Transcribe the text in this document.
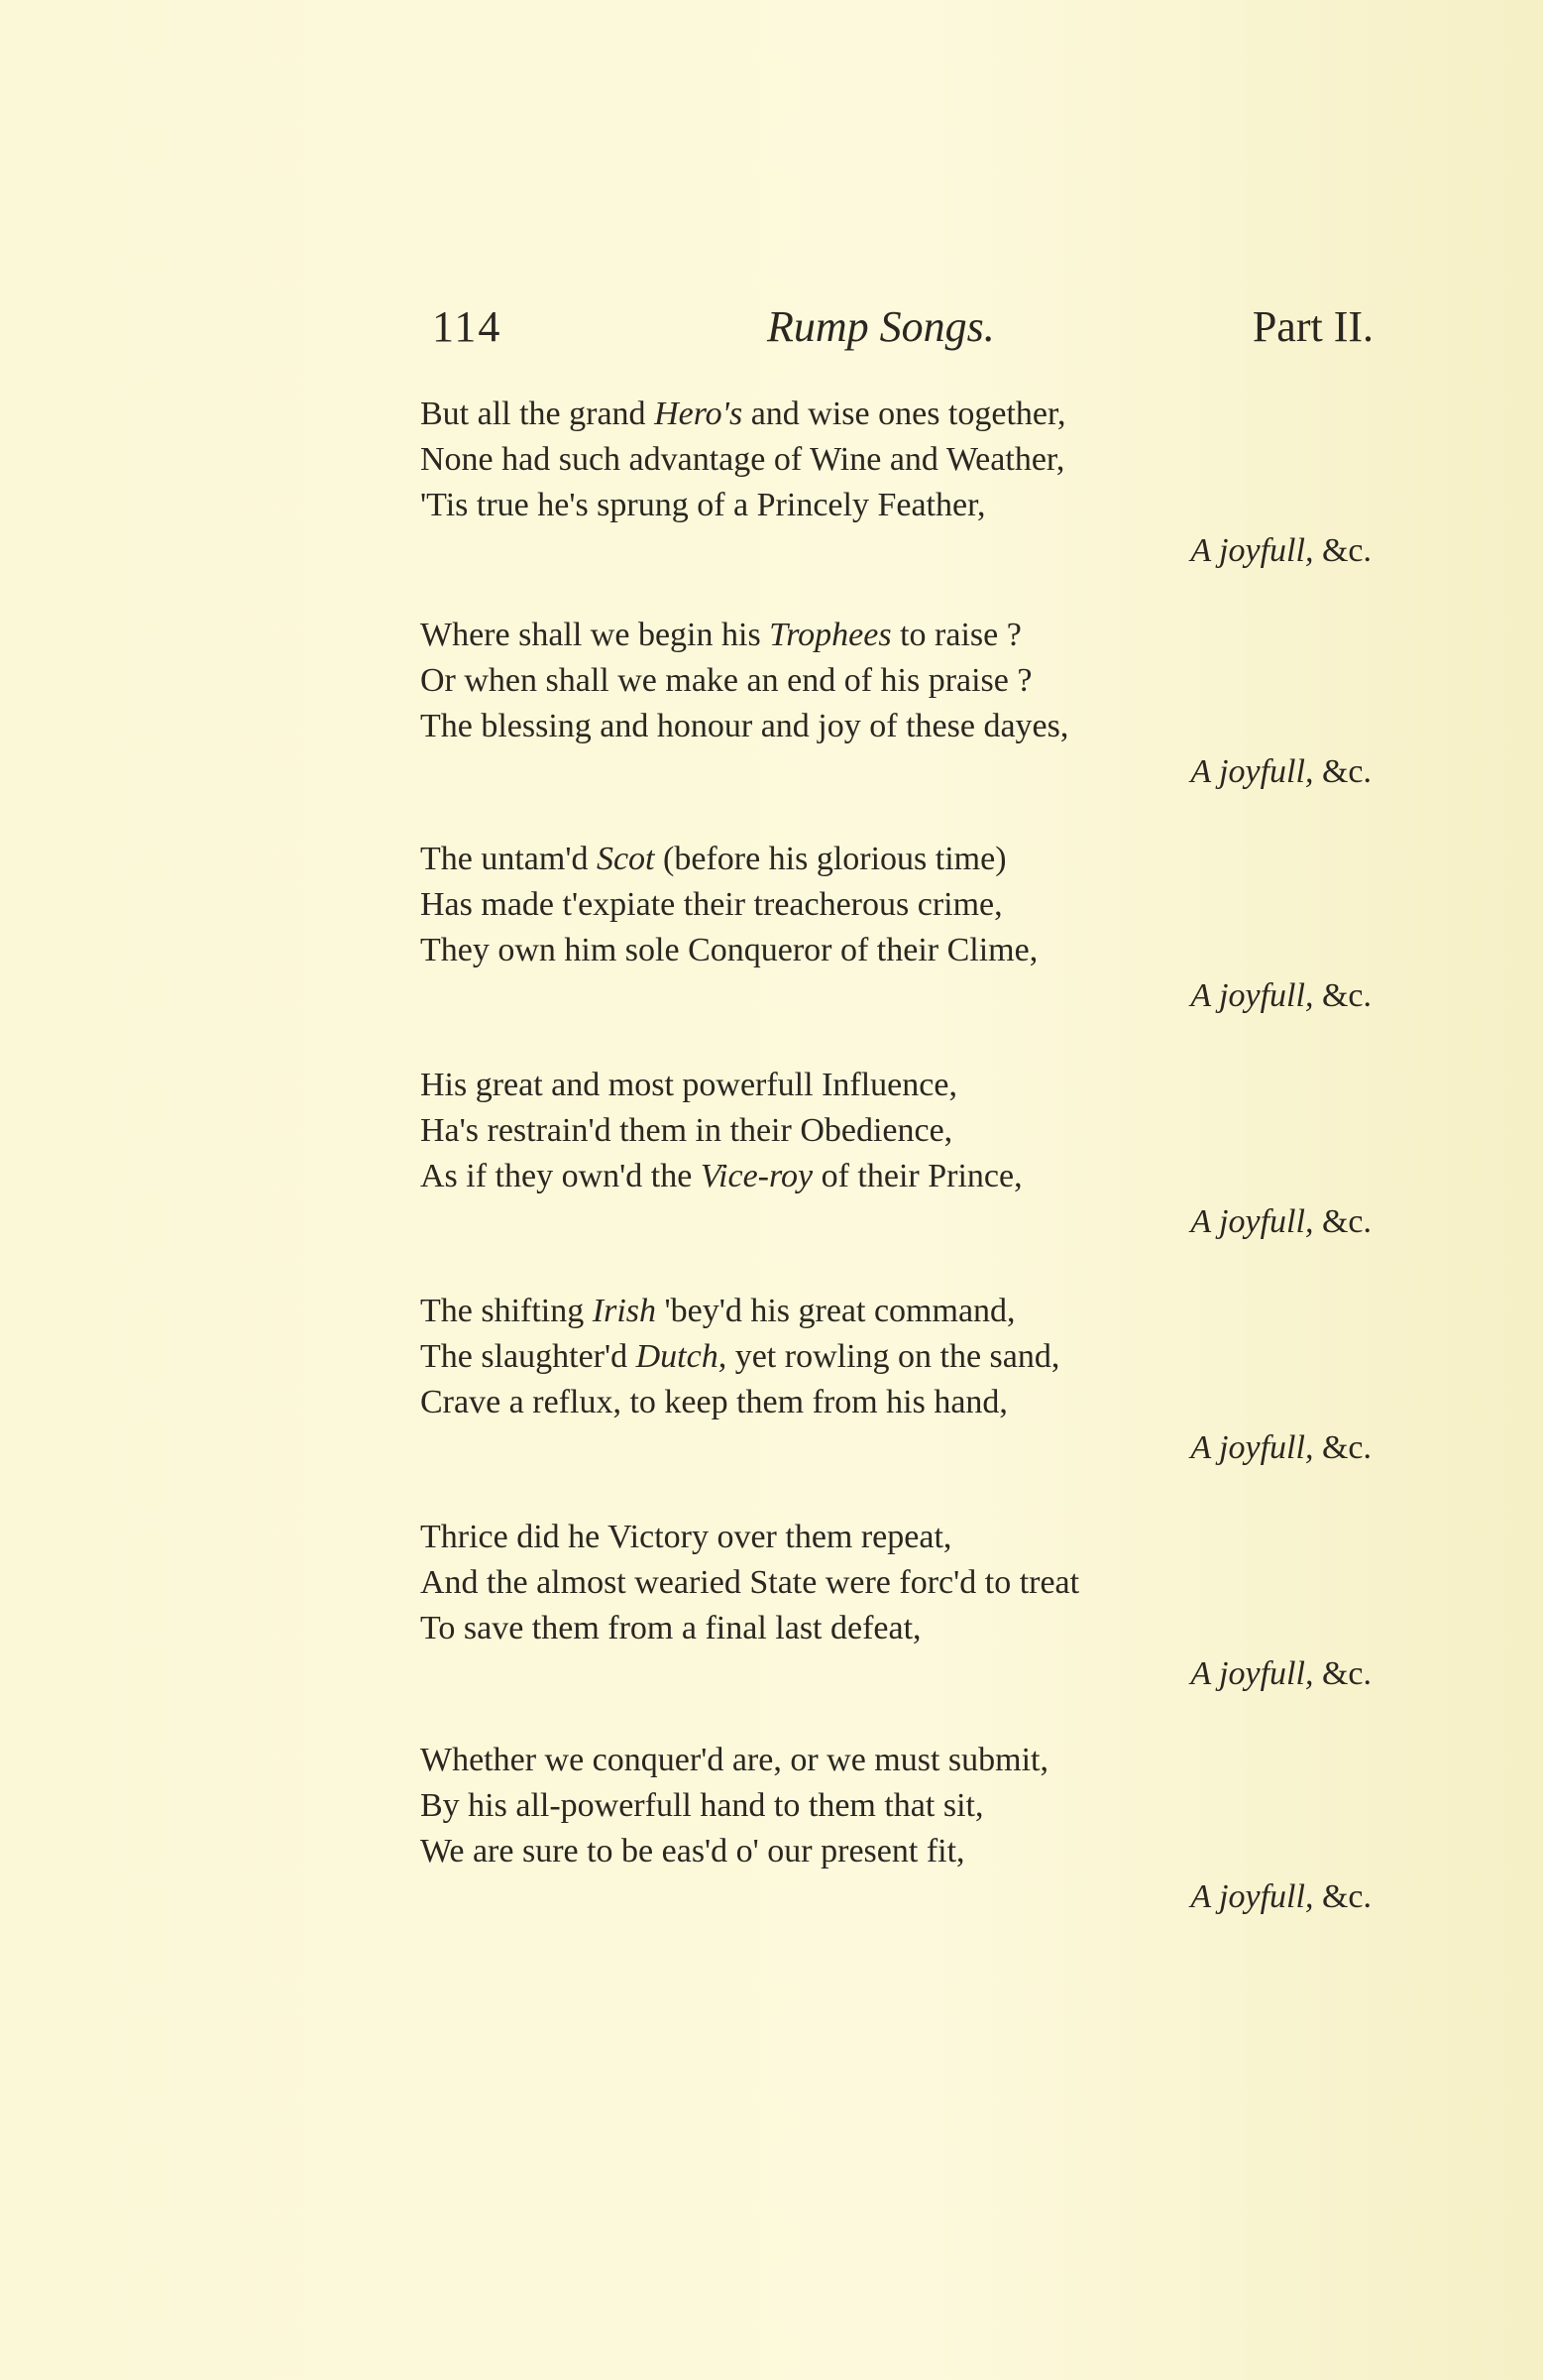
114	Rump Songs.	Part II.
But all the grand Hero's and wise ones together,
None had such advantage of Wine and Weather,
'Tis true he's sprung of a Princely Feather,
A joyfull, &c.
Where shall we begin his Trophees to raise ?
Or when shall we make an end of his praise ?
The blessing and honour and joy of these dayes,
A joyfull, &c.
The untam'd Scot (before his glorious time)
Has made t'expiate their treacherous crime,
They own him sole Conqueror of their Clime,
A joyfull, &c.
His great and most powerfull Influence,
Ha's restrain'd them in their Obedience,
As if they own'd the Vice-roy of their Prince,
A joyfull, &c.
The shifting Irish 'bey'd his great command,
The slaughter'd Dutch, yet rowling on the sand,
Crave a reflux, to keep them from his hand,
A joyfull, &c.
Thrice did he Victory over them repeat,
And the almost wearied State were forc'd to treat
To save them from a final last defeat,
A joyfull, &c.
Whether we conquer'd are, or we must submit,
By his all-powerfull hand to them that sit,
We are sure to be eas'd o' our present fit,
A joyfull, &c.
